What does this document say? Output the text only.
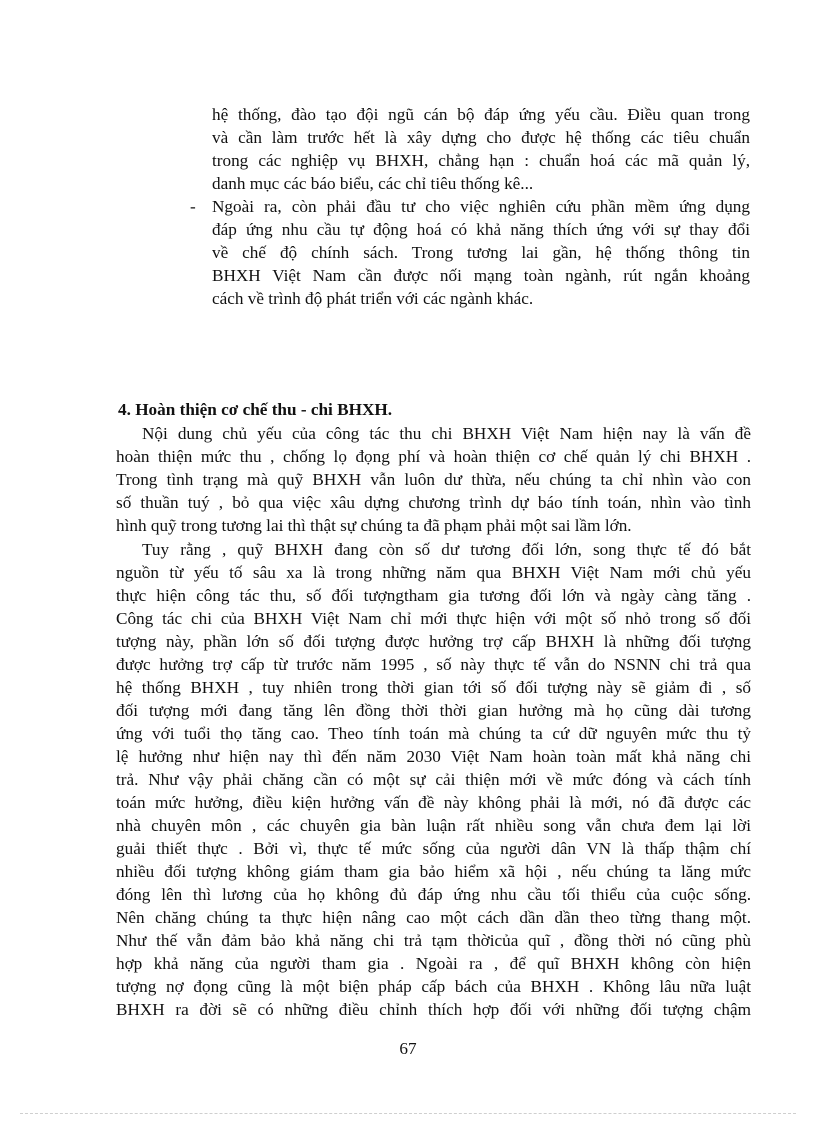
hệ thống, đào tạo đội ngũ cán bộ đáp ứng yếu cầu. Điều quan trong
và cần làm trước hết là xây dựng cho được hệ thống các tiêu chuẩn
trong các nghiệp vụ BHXH, chẳng hạn : chuẩn hoá các mã quản lý,
danh mục các báo biểu, các chỉ tiêu thống kê...
- Ngoài ra, còn phải đầu tư cho việc nghiên cứu phần mềm ứng dụng
đáp ứng nhu cầu tự động hoá có khả năng thích ứng với sự thay đổi
về chế độ chính sách. Trong tương lai gần, hệ thống thông tin
BHXH Việt Nam cần được nối mạng toàn ngành, rút ngắn khoảng
cách về trình độ phát triển với các ngành khác.
4. Hoàn thiện cơ chế thu - chi BHXH.
Nội dung chủ yếu của công tác thu chi BHXH Việt Nam hiện nay là vấn đề
hoàn thiện mức thu , chống lọ đọng phí và hoàn thiện cơ chế quản lý chi BHXH .
Trong tình trạng mà quỹ BHXH vẫn luôn dư thừa, nếu chúng ta chỉ nhìn vào con
số thuần tuý , bỏ qua việc xâu dựng chương trình dự báo tính toán, nhìn vào tình
hình quỹ trong tương lai thì thật sự chúng ta đã phạm phải một sai lầm lớn.
Tuy rằng , quỹ BHXH đang còn số dư tương đối lớn, song thực tế đó bắt
nguồn từ yếu tố sâu xa là trong những năm qua BHXH Việt Nam mới chủ yếu
thực hiện công tác thu, số đối tượngtham gia tương đối lớn và ngày càng tăng .
Công tác chi của BHXH Việt Nam chỉ mới thực hiện với một số nhỏ trong số đối
tượng này, phần lớn số đối tượng được hưởng trợ cấp BHXH là những đối tượng
được hưởng trợ cấp từ trước năm 1995 , số này thực tế vẫn do NSNN chi trả qua
hệ thống BHXH , tuy nhiên trong thời gian tới số đối tượng này sẽ giảm đi , số
đối tượng mới đang tăng lên đồng thời thời gian hưởng mà họ cũng dài tương
ứng với tuổi thọ tăng cao. Theo tính toán mà chúng ta cứ dữ nguyên mức thu tỷ
lệ hưởng như hiện nay thì đến năm 2030 Việt Nam hoàn toàn mất khả năng chi
trả. Như vậy phải chăng cần có một sự cải thiện mới về mức đóng và cách tính
toán mức hưởng, điều kiện hưởng vấn đề này không phải là mới, nó đã được các
nhà chuyên môn , các chuyên gia bàn luận rất nhiều song vẫn chưa đem lại lời
guải thiết thực . Bởi vì, thực tế mức sống của người dân VN là thấp thậm chí
nhiều đối tượng không giám tham gia bảo hiểm xã hội , nếu chúng ta lăng mức
đóng lên thì lương của họ không đủ đáp ứng nhu cầu tối thiểu của cuộc sống.
Nên chăng chúng ta thực hiện nâng cao một cách dần dần theo từng thang một.
Như thế vẫn đảm bảo khả năng chi trả tạm thờicủa quĩ , đồng thời nó cũng phù
hợp khả năng của người tham gia . Ngoài ra , để quĩ BHXH không còn hiện
tượng nợ đọng cũng là một biện pháp cấp bách của BHXH . Không lâu nữa luật
BHXH ra đời sẽ có những điều chỉnh thích hợp đối với những đối tượng chậm
67
